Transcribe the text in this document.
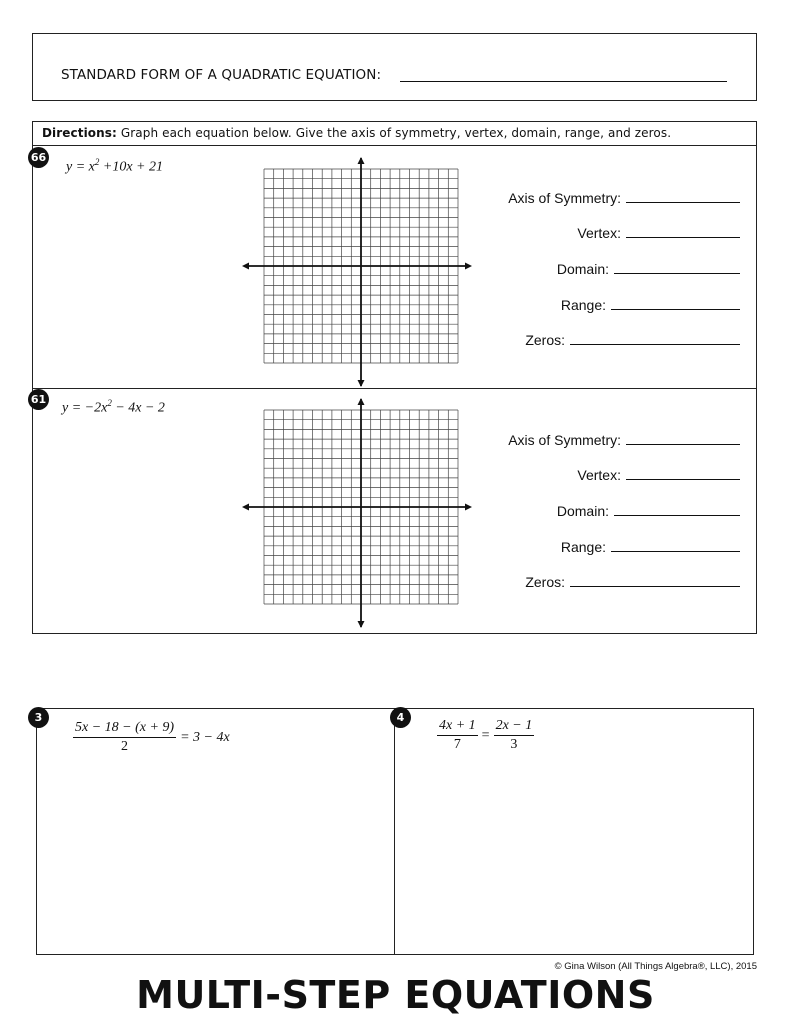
STANDARD FORM OF A QUADRATIC EQUATION:
Directions: Graph each equation below. Give the axis of symmetry, vertex, domain, range, and zeros.
$y = x^2 +10x + 21$
Axis of Symmetry:
Vertex:
Domain:
Range:
Zeros:
$y = -2x^2 - 4x - 2$
Axis of Symmetry:
Vertex:
Domain:
Range:
Zeros:
66
61
$\frac{5x - 18 - (x + 9)}{2} = 3 - 4x$	$\frac{4x + 1}{7} = \frac{2x - 1}{3}$
3	4
© Gina Wilson (All Things Algebra®, LLC), 2015
MULTI-STEP EQUATIONS
